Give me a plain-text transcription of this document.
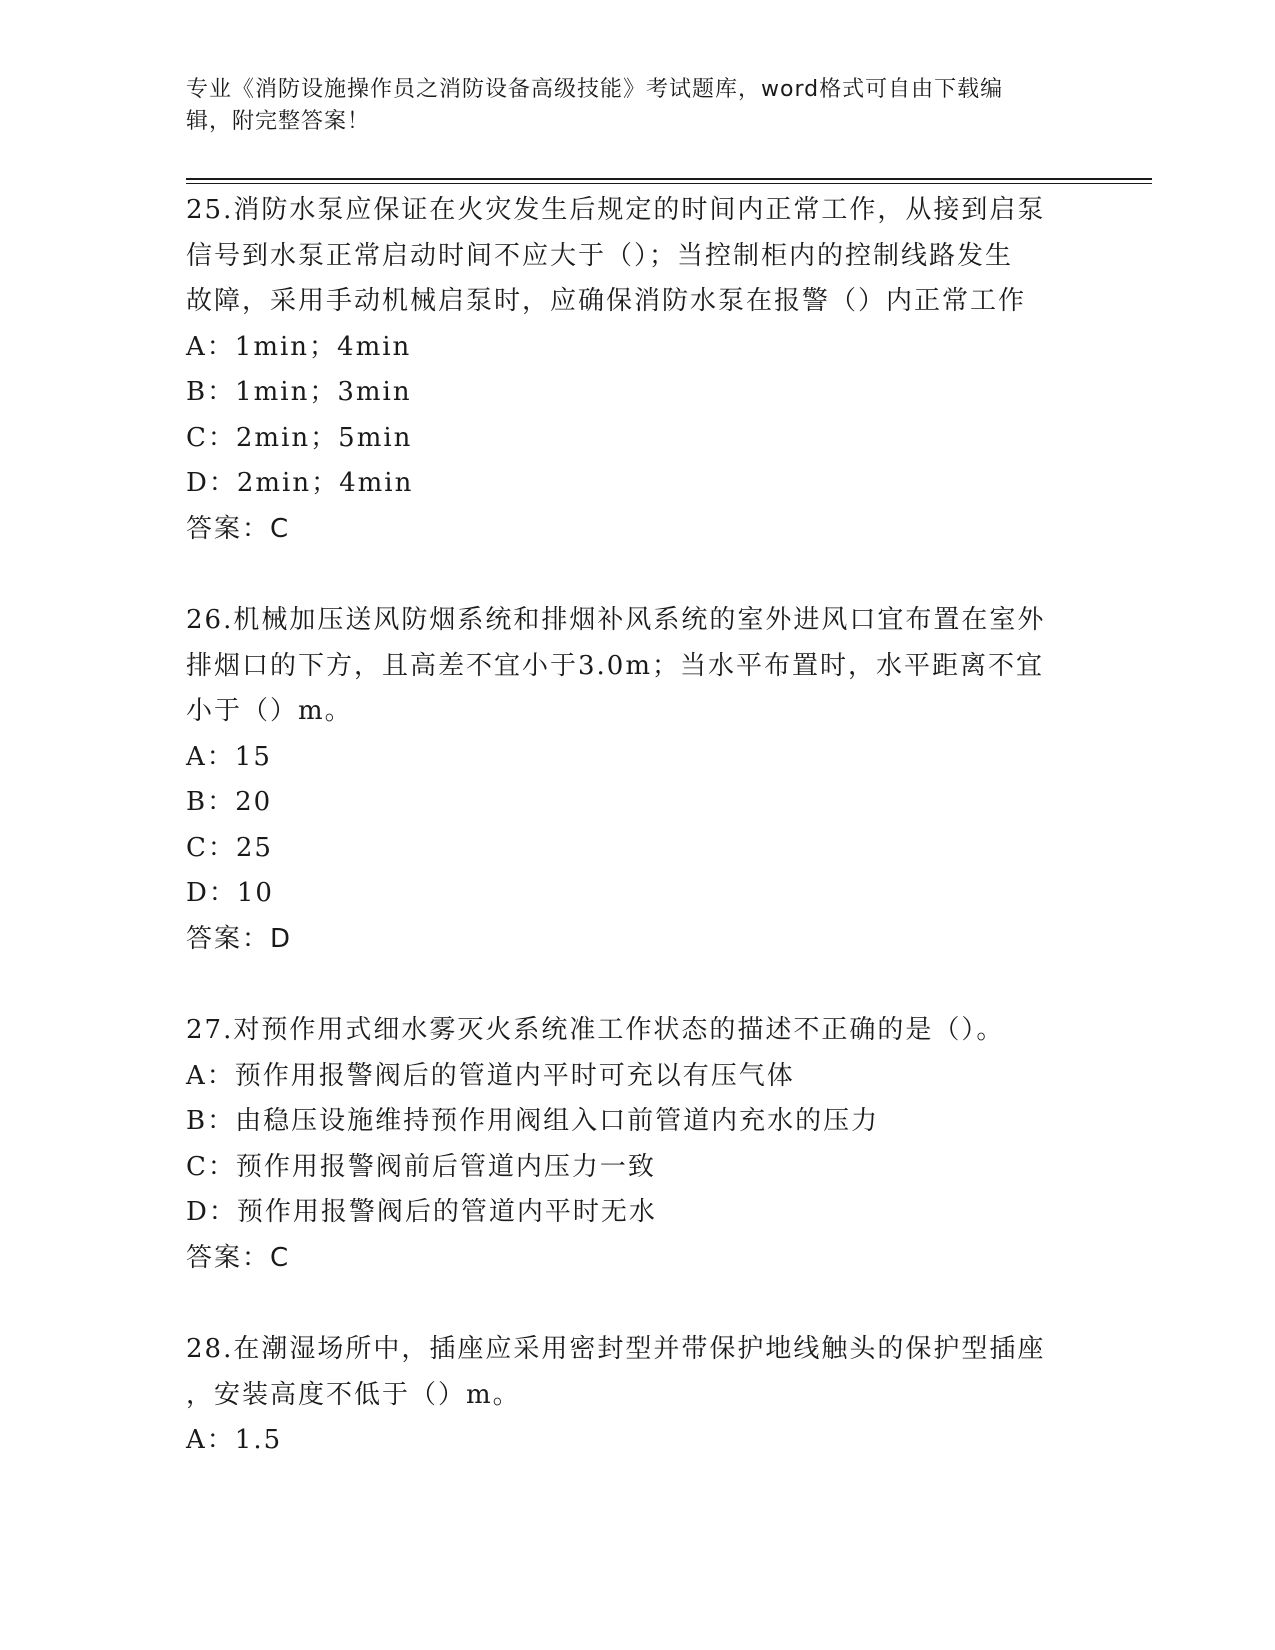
专业《消防设施操作员之消防设备高级技能》考试题库，word格式可自由下载编
辑，附完整答案！
25.消防水泵应保证在火灾发生后规定的时间内正常工作，从接到启泵
信号到水泵正常启动时间不应大于（）；当控制柜内的控制线路发生
故障，采用手动机械启泵时，应确保消防水泵在报警（）内正常工作
A：1min；4min
B：1min；3min
C：2min；5min
D：2min；4min
答案：C
26.机械加压送风防烟系统和排烟补风系统的室外进风口宜布置在室外
排烟口的下方，且高差不宜小于3.0m；当水平布置时，水平距离不宜
小于（）m。
A：15
B：20
C：25
D：10
答案：D
27.对预作用式细水雾灭火系统准工作状态的描述不正确的是（）。
A：预作用报警阀后的管道内平时可充以有压气体
B：由稳压设施维持预作用阀组入口前管道内充水的压力
C：预作用报警阀前后管道内压力一致
D：预作用报警阀后的管道内平时无水
答案：C
28.在潮湿场所中，插座应采用密封型并带保护地线触头的保护型插座
，安装高度不低于（）m。
A：1.5
